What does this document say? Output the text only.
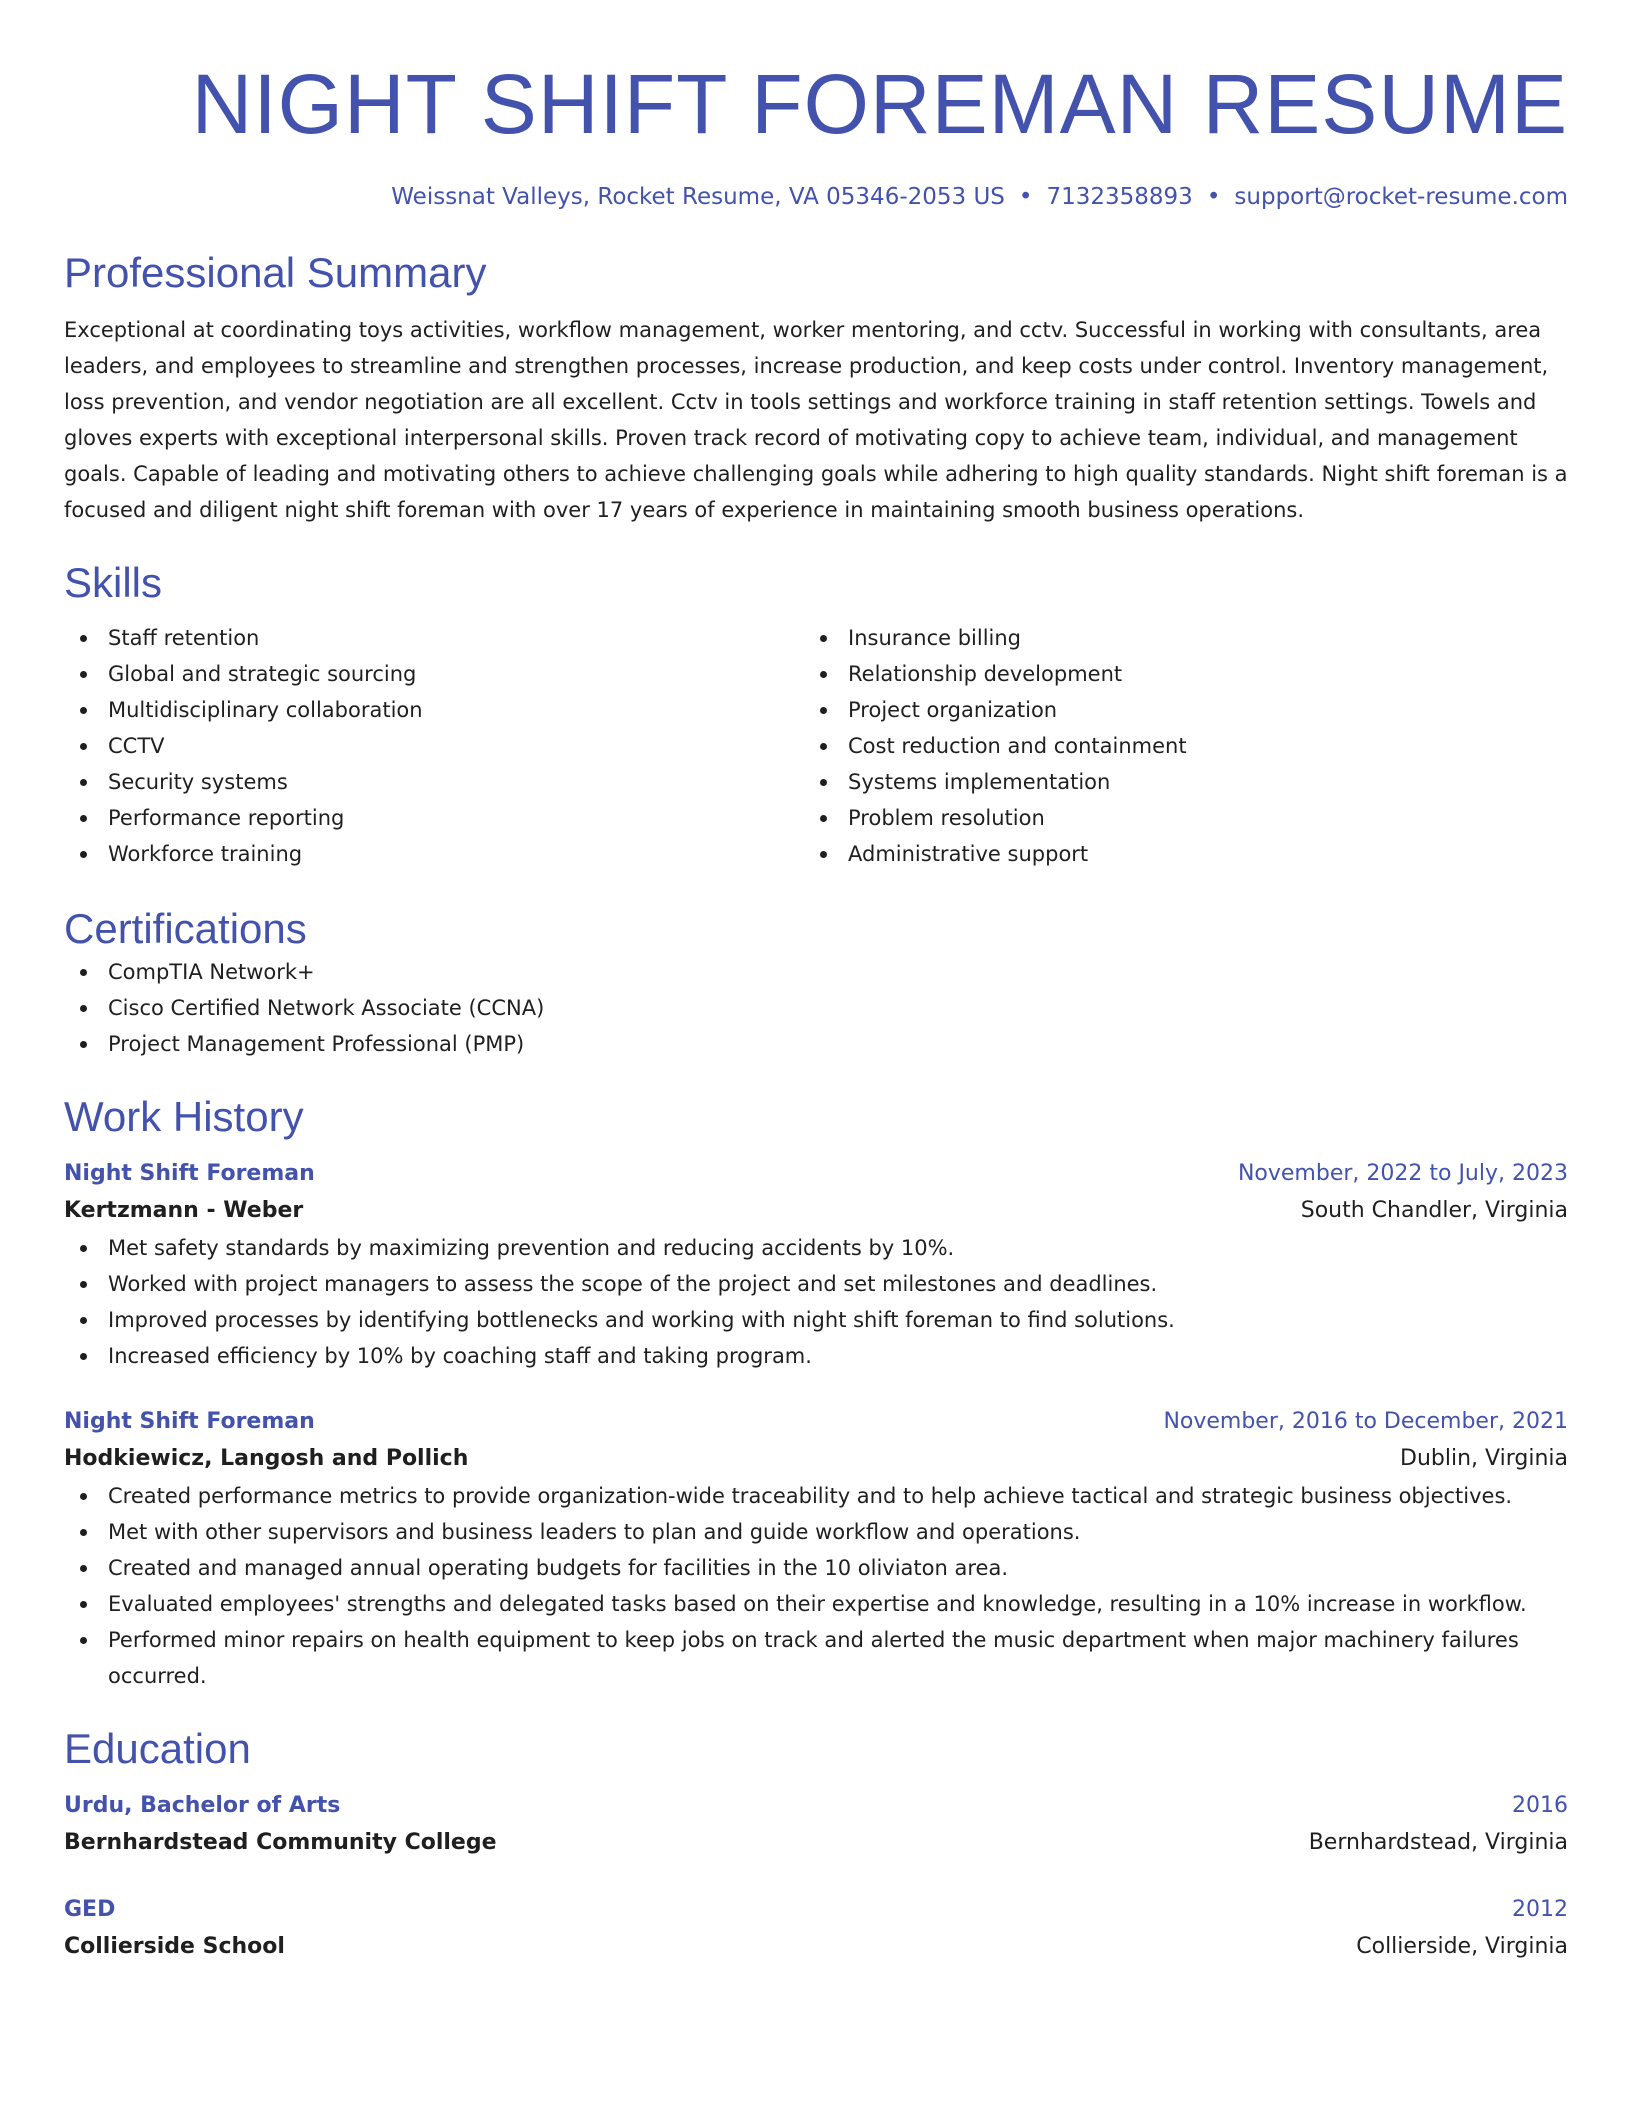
NIGHT SHIFT FOREMAN RESUME
Weissnat Valleys, Rocket Resume, VA 05346-2053 US • 7132358893 • support@rocket-resume.com
Professional Summary
Exceptional at coordinating toys activities, workflow management, worker mentoring, and cctv. Successful in working with consultants, area leaders, and employees to streamline and strengthen processes, increase production, and keep costs under control. Inventory management, loss prevention, and vendor negotiation are all excellent. Cctv in tools settings and workforce training in staff retention settings. Towels and gloves experts with exceptional interpersonal skills. Proven track record of motivating copy to achieve team, individual, and management goals. Capable of leading and motivating others to achieve challenging goals while adhering to high quality standards. Night shift foreman is a focused and diligent night shift foreman with over 17 years of experience in maintaining smooth business operations.
Skills
Staff retention
Global and strategic sourcing
Multidisciplinary collaboration
CCTV
Security systems
Performance reporting
Workforce training
Insurance billing
Relationship development
Project organization
Cost reduction and containment
Systems implementation
Problem resolution
Administrative support
Certifications
CompTIA Network+
Cisco Certified Network Associate (CCNA)
Project Management Professional (PMP)
Work History
Night Shift Foreman	November, 2022 to July, 2023
Kertzmann - Weber	South Chandler, Virginia
Met safety standards by maximizing prevention and reducing accidents by 10%.
Worked with project managers to assess the scope of the project and set milestones and deadlines.
Improved processes by identifying bottlenecks and working with night shift foreman to find solutions.
Increased efficiency by 10% by coaching staff and taking program.
Night Shift Foreman	November, 2016 to December, 2021
Hodkiewicz, Langosh and Pollich	Dublin, Virginia
Created performance metrics to provide organization-wide traceability and to help achieve tactical and strategic business objectives.
Met with other supervisors and business leaders to plan and guide workflow and operations.
Created and managed annual operating budgets for facilities in the 10 oliviaton area.
Evaluated employees' strengths and delegated tasks based on their expertise and knowledge, resulting in a 10% increase in workflow.
Performed minor repairs on health equipment to keep jobs on track and alerted the music department when major machinery failures occurred.
Education
Urdu, Bachelor of Arts	2016
Bernhardstead Community College	Bernhardstead, Virginia
GED	2012
Collierside School	Collierside, Virginia
